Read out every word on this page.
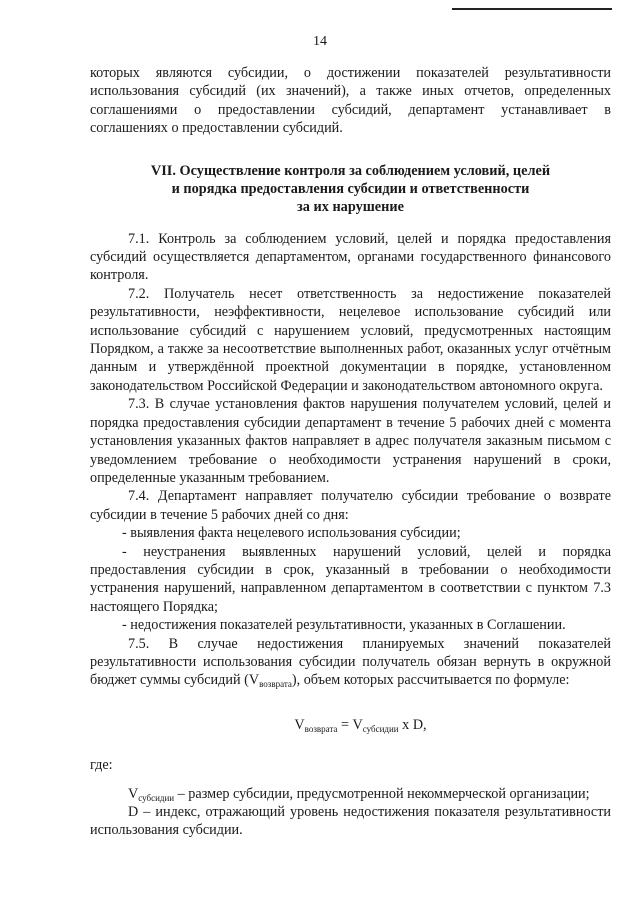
14

которых являются субсидии, о достижении показателей результативности использования субсидий (их значений), а также иных отчетов, определенных соглашениями о предоставлении субсидий, департамент устанавливает в соглашениях о предоставлении субсидий.

VII. Осуществление контроля за соблюдением условий, целей
и порядка предоставления субсидии и ответственности
за их нарушение

7.1. Контроль за соблюдением условий, целей и порядка предоставления субсидий осуществляется департаментом, органами государственного финансового контроля.

7.2. Получатель несет ответственность за недостижение показателей результативности, неэффективности, нецелевое использование субсидий или использование субсидий с нарушением условий, предусмотренных настоящим Порядком, а также за несоответствие выполненных работ, оказанных услуг отчётным данным и утверждённой проектной документации в порядке, установленном законодательством Российской Федерации и законодательством автономного округа.

7.3. В случае установления фактов нарушения получателем условий, целей и порядка предоставления субсидии департамент в течение 5 рабочих дней с момента установления указанных фактов направляет в адрес получателя заказным письмом с уведомлением требование о необходимости устранения нарушений в сроки, определенные указанным требованием.

7.4. Департамент направляет получателю субсидии требование о возврате субсидии в течение 5 рабочих дней со дня:

- выявления факта нецелевого использования субсидии;

- неустранения выявленных нарушений условий, целей и порядка предоставления субсидии в срок, указанный в требовании о необходимости устранения нарушений, направленном департаментом в соответствии с пунктом 7.3 настоящего Порядка;

- недостижения показателей результативности, указанных в Соглашении.

7.5. В случае недостижения планируемых значений показателей результативности использования субсидии получатель обязан вернуть в окружной бюджет суммы субсидий $(V_{возврата})$, объем которых рассчитывается по формуле:

$V_{возврата} = V_{субсидии}$ x D,

где:

$V_{субсидии}$ – размер субсидии, предусмотренной некоммерческой организации;

D – индекс, отражающий уровень недостижения показателя результативности использования субсидии.
